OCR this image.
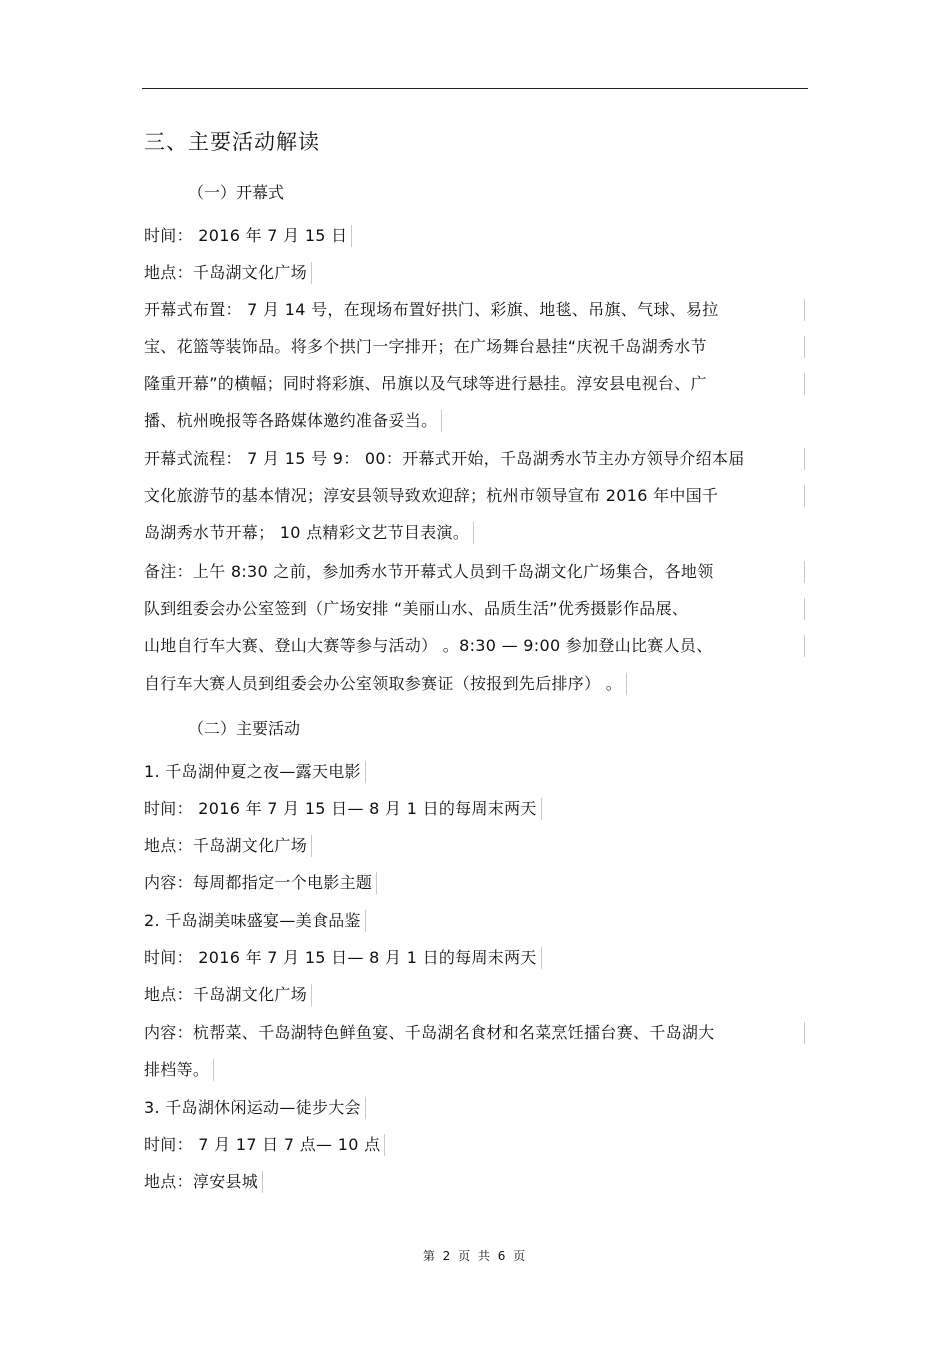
三、主要活动解读
（一）开幕式
时间： 2016 年 7 月 15 日
地点：千岛湖文化广场
开幕式布置： 7 月 14 号，在现场布置好拱门、彩旗、地毯、吊旗、气球、易拉
宝、花篮等装饰品。将多个拱门一字排开；在广场舞台悬挂“庆祝千岛湖秀水节
隆重开幕”的横幅；同时将彩旗、吊旗以及气球等进行悬挂。淳安县电视台、广
播、杭州晚报等各路媒体邀约准备妥当。
开幕式流程： 7 月 15 号 9： 00：开幕式开始，千岛湖秀水节主办方领导介绍本届
文化旅游节的基本情况；淳安县领导致欢迎辞；杭州市领导宣布 2016 年中国千
岛湖秀水节开幕； 10 点精彩文艺节目表演。
备注：上午 8:30 之前，参加秀水节开幕式人员到千岛湖文化广场集合，各地领
队到组委会办公室签到（广场安排 “美丽山水、品质生活”优秀摄影作品展、
山地自行车大赛、登山大赛等参与活动） 。8:30 — 9:00 参加登山比赛人员、
自行车大赛人员到组委会办公室领取参赛证（按报到先后排序） 。
（二）主要活动
1. 千岛湖仲夏之夜—露天电影
时间： 2016 年 7 月 15 日— 8 月 1 日的每周末两天
地点：千岛湖文化广场
内容：每周都指定一个电影主题
2. 千岛湖美味盛宴—美食品鉴
时间： 2016 年 7 月 15 日— 8 月 1 日的每周末两天
地点：千岛湖文化广场
内容：杭帮菜、千岛湖特色鲜鱼宴、千岛湖名食材和名菜烹饪擂台赛、千岛湖大
排档等。
3. 千岛湖休闲运动—徒步大会
时间： 7 月 17 日 7 点— 10 点
地点：淳安县城
第 2 页 共 6 页
